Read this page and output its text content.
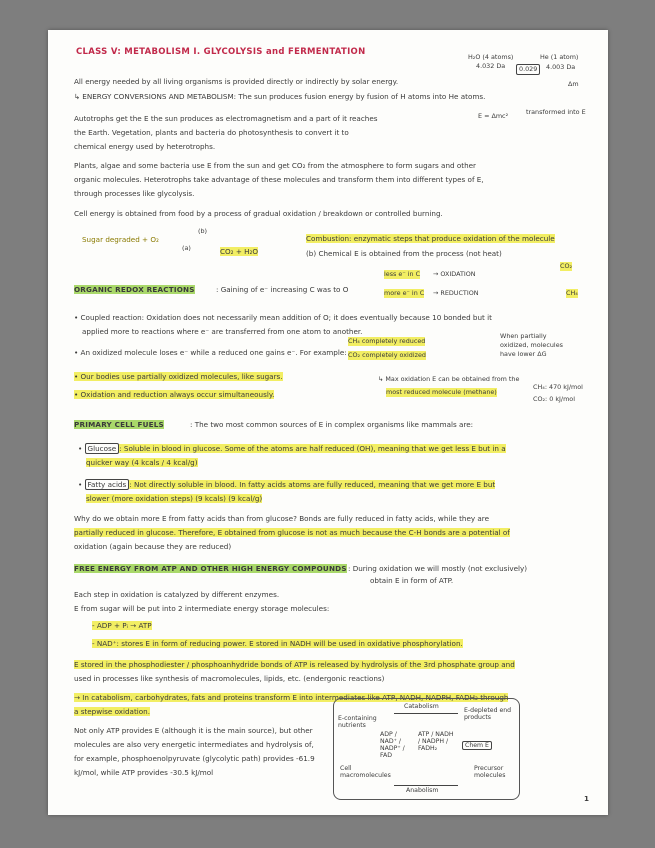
CLASS V: METABOLISM I. GLYCOLYSIS and FERMENTATION	H₂O (4 atoms)
4.032 Da
He (1 atom)
4.003 Da
0.029
Δm
E = Δmc²	transformed into E
All energy needed by all living organisms is provided directly or indirectly by solar energy.
↳ ENERGY CONVERSIONS AND METABOLISM: The sun produces fusion energy by fusion of H atoms into He atoms.
Autotrophs get the E the sun produces as electromagnetism and a part of it reaches
the Earth. Vegetation, plants and bacteria do photosynthesis to convert it to
chemical energy used by heterotrophs.
Plants, algae and some bacteria use E from the sun and get CO₂ from the atmosphere to form sugars and other
organic molecules. Heterotrophs take advantage of these molecules and transform them into different types of E,
through processes like glycolysis.
Cell energy is obtained from food by a process of gradual oxidation / breakdown or controlled burning.
Sugar degraded + O₂
(b)
(a)	CO₂ + H₂O
Combustion: enzymatic steps that produce oxidation of the molecule
(b) Chemical E is obtained from the process (not heat)
ORGANIC REDOX REACTIONS	: Gaining of e⁻ increasing C was to O
less e⁻ in C → OXIDATION
more e⁻ in C → REDUCTION
CO₂
CH₄
• Coupled reaction: Oxidation does not necessarily mean addition of O; it does eventually because 10 bonded but it
applied more to reactions where e⁻ are transferred from one atom to another.
• An oxidized molecule loses e⁻ while a reduced one gains e⁻. For example:
CH₄ completely reduced
CO₂ completely oxidized
When partially oxidized, molecules have lower ΔG
• Our bodies use partially oxidized molecules, like sugars.
• Oxidation and reduction always occur simultaneously.
↳ Max oxidation E can be obtained from the
most reduced molecule (methane)
CH₄: 470 kJ/mol
CO₂: 0 kJ/mol
PRIMARY CELL FUELS	: The two most common sources of E in complex organisms like mammals are:
• Glucose : Soluble in blood in glucose. Some of the atoms are half reduced (OH), meaning that we get less E but in a
quicker way (4 kcals / 4 kcal/g)
• Fatty acids : Not directly soluble in blood. In fatty acids atoms are fully reduced, meaning that we get more E but
slower (more oxidation steps) (9 kcals) (9 kcal/g)
Why do we obtain more E from fatty acids than from glucose? Bonds are fully reduced in fatty acids, while they are
partially reduced in glucose. Therefore, E obtained from glucose is not as much because the C-H bonds are a potential of
oxidation (again because they are reduced)
FREE ENERGY FROM ATP AND OTHER HIGH ENERGY COMPOUNDS : During oxidation we will mostly (not exclusively)
obtain E in form of ATP.
Each step in oxidation is catalyzed by different enzymes.
E from sugar will be put into 2 intermediate energy storage molecules:
- ADP + Pᵢ → ATP
- NAD⁺: stores E in form of reducing power. E stored in NADH will be used in oxidative phosphorylation.
E stored in the phosphodiester / phosphoanhydride bonds of ATP is released by hydrolysis of the 3rd phosphate group and
used in processes like synthesis of macromolecules, lipids, etc. (endergonic reactions)
→ In catabolism, carbohydrates, fats and proteins transform E into intermediates like ATP, NADH, NADPH, FADH₂ through
a stepwise oxidation.
Not only ATP provides E (although it is the main source), but other
molecules are also very energetic intermediates and hydrolysis of,
for example, phosphoenolpyruvate (glycolytic path) provides -61.9
kJ/mol, while ATP provides -30.5 kJ/mol
Catabolism
E-containing nutrients
E-depleted end products
ADP / NAD⁺ / NADP⁺ / FAD
ATP / NADH / NADPH / FADH₂	Chem E
Cell macromolecules
Precursor molecules
Anabolism
1
